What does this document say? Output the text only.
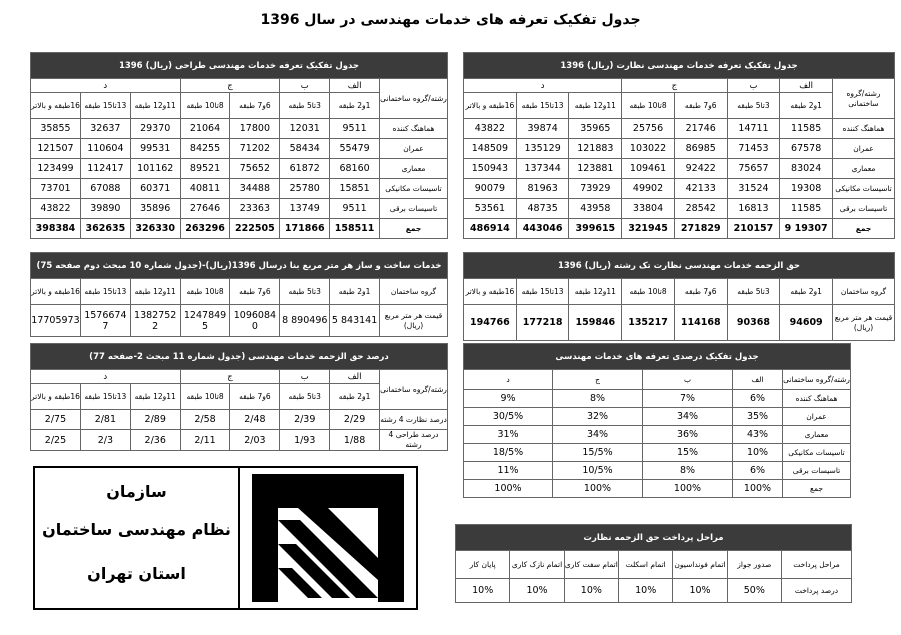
جدول تفکیک تعرفه های خدمات مهندسی در سال 1396
جدول تفکیک تعرفه خدمات مهندسی نظارت (ریال) 1396							
رشته/گروه ساختمانی	الف	ب	ج		د		
	1و2 طبقه	3تا5 طبقه	6و7 طبقه	8تا10 طبقه	11و12 طبقه	13تا15 طبقه	16طبقه و بالاتر
هماهنگ کننده	11585	14711	21746	25756	35965	39874	43822
عمران	67578	71453	86985	103022	121883	135129	148509
معماری	83024	75657	92422	109461	123881	137344	150943
تاسیسات مکانیکی	19308	31524	42133	49902	73929	81963	90079
تاسیسات برقی	11585	16813	28542	33804	43958	48735	53561
جمع	19307 9	210157	271829	321945	399615	443046	486914
جدول تفکیک تعرفه خدمات مهندسی طراحی (ریال) 1396							
رشته/گروه ساختمانی	الف	ب	ج		د		
	1و2 طبقه	3تا5 طبقه	6و7 طبقه	8تا10 طبقه	11و12 طبقه	13تا15 طبقه	16طبقه و بالاتر
هماهنگ کننده	9511	12031	17800	21064	29370	32637	35855
عمران	55479	58434	71202	84255	99531	110604	121507
معماری	68160	61872	75652	89521	101162	112417	123499
تاسیسات مکانیکی	15851	25780	34488	40811	60371	67088	73701
تاسیسات برقی	9511	13749	23363	27646	35896	39890	43822
جمع	158511	171866	222505	263296	326330	362635	398384
حق الزحمه خدمات مهندسی نظارت تک رشته (ریال) 1396							
گروه ساختمان	1و2 طبقه	3تا5 طبقه	6و7 طبقه	8تا10 طبقه	11و12 طبقه	13تا15 طبقه	16طبقه و بالاتر
قیمت هر متر مربع (ریال)	94609	90368	114168	135217	159846	177218	194766
خدمات ساخت و ساز هر متر مربع بنا درسال 1396(ریال)-(جدول شماره 10 مبحث دوم صفحه 75)							
گروه ساختمان	1و2 طبقه	3تا5 طبقه	6و7 طبقه	8تا10 طبقه	11و12 طبقه	13تا15 طبقه	16طبقه و بالاتر
قیمت هر متر مربع (ریال)	843141 5	890496 8	1096084 0	1247849 5	1382752 2	1576674 7	17705973
درصد حق الزحمه خدمات مهندسی (جدول شماره 11 مبحث 2-صفحه 77)							
رشته/گروه ساختمانی	الف	ب	ج		د		
	1و2 طبقه	3تا5 طبقه	6و7 طبقه	8تا10 طبقه	11و12 طبقه	13تا15 طبقه	16طبقه و بالاتر
درصد نظارت 4 رشته	2/29	2/39	2/48	2/58	2/89	2/81	2/75
درصد طراحی 4 رشته	1/88	1/93	2/03	2/11	2/36	2/3	2/25
جدول تفکیک درصدی تعرفه های خدمات مهندسی				
رشته/گروه ساختمانی	الف	ب	ج	د
هماهنگ کننده	6%	7%	8%	9%
عمران	35%	34%	32%	30/5%
معماری	43%	36%	34%	31%
تاسیسات مکانیکی	10%	15%	15/5%	18/5%
تاسیسات برقی	6%	8%	10/5%	11%
جمع	100%	100%	100%	100%
مراحل پرداخت حق الزحمه نظارت						
مراحل پرداخت	صدور جواز	اتمام فونداسیون	اتمام اسکلت	اتمام سفت کاری	اتمام نازک کاری	پایان کار
درصد پرداخت	50%	10%	10%	10%	10%	10%
سازمان
نظام مهندسی ساختمان
استان تهران
